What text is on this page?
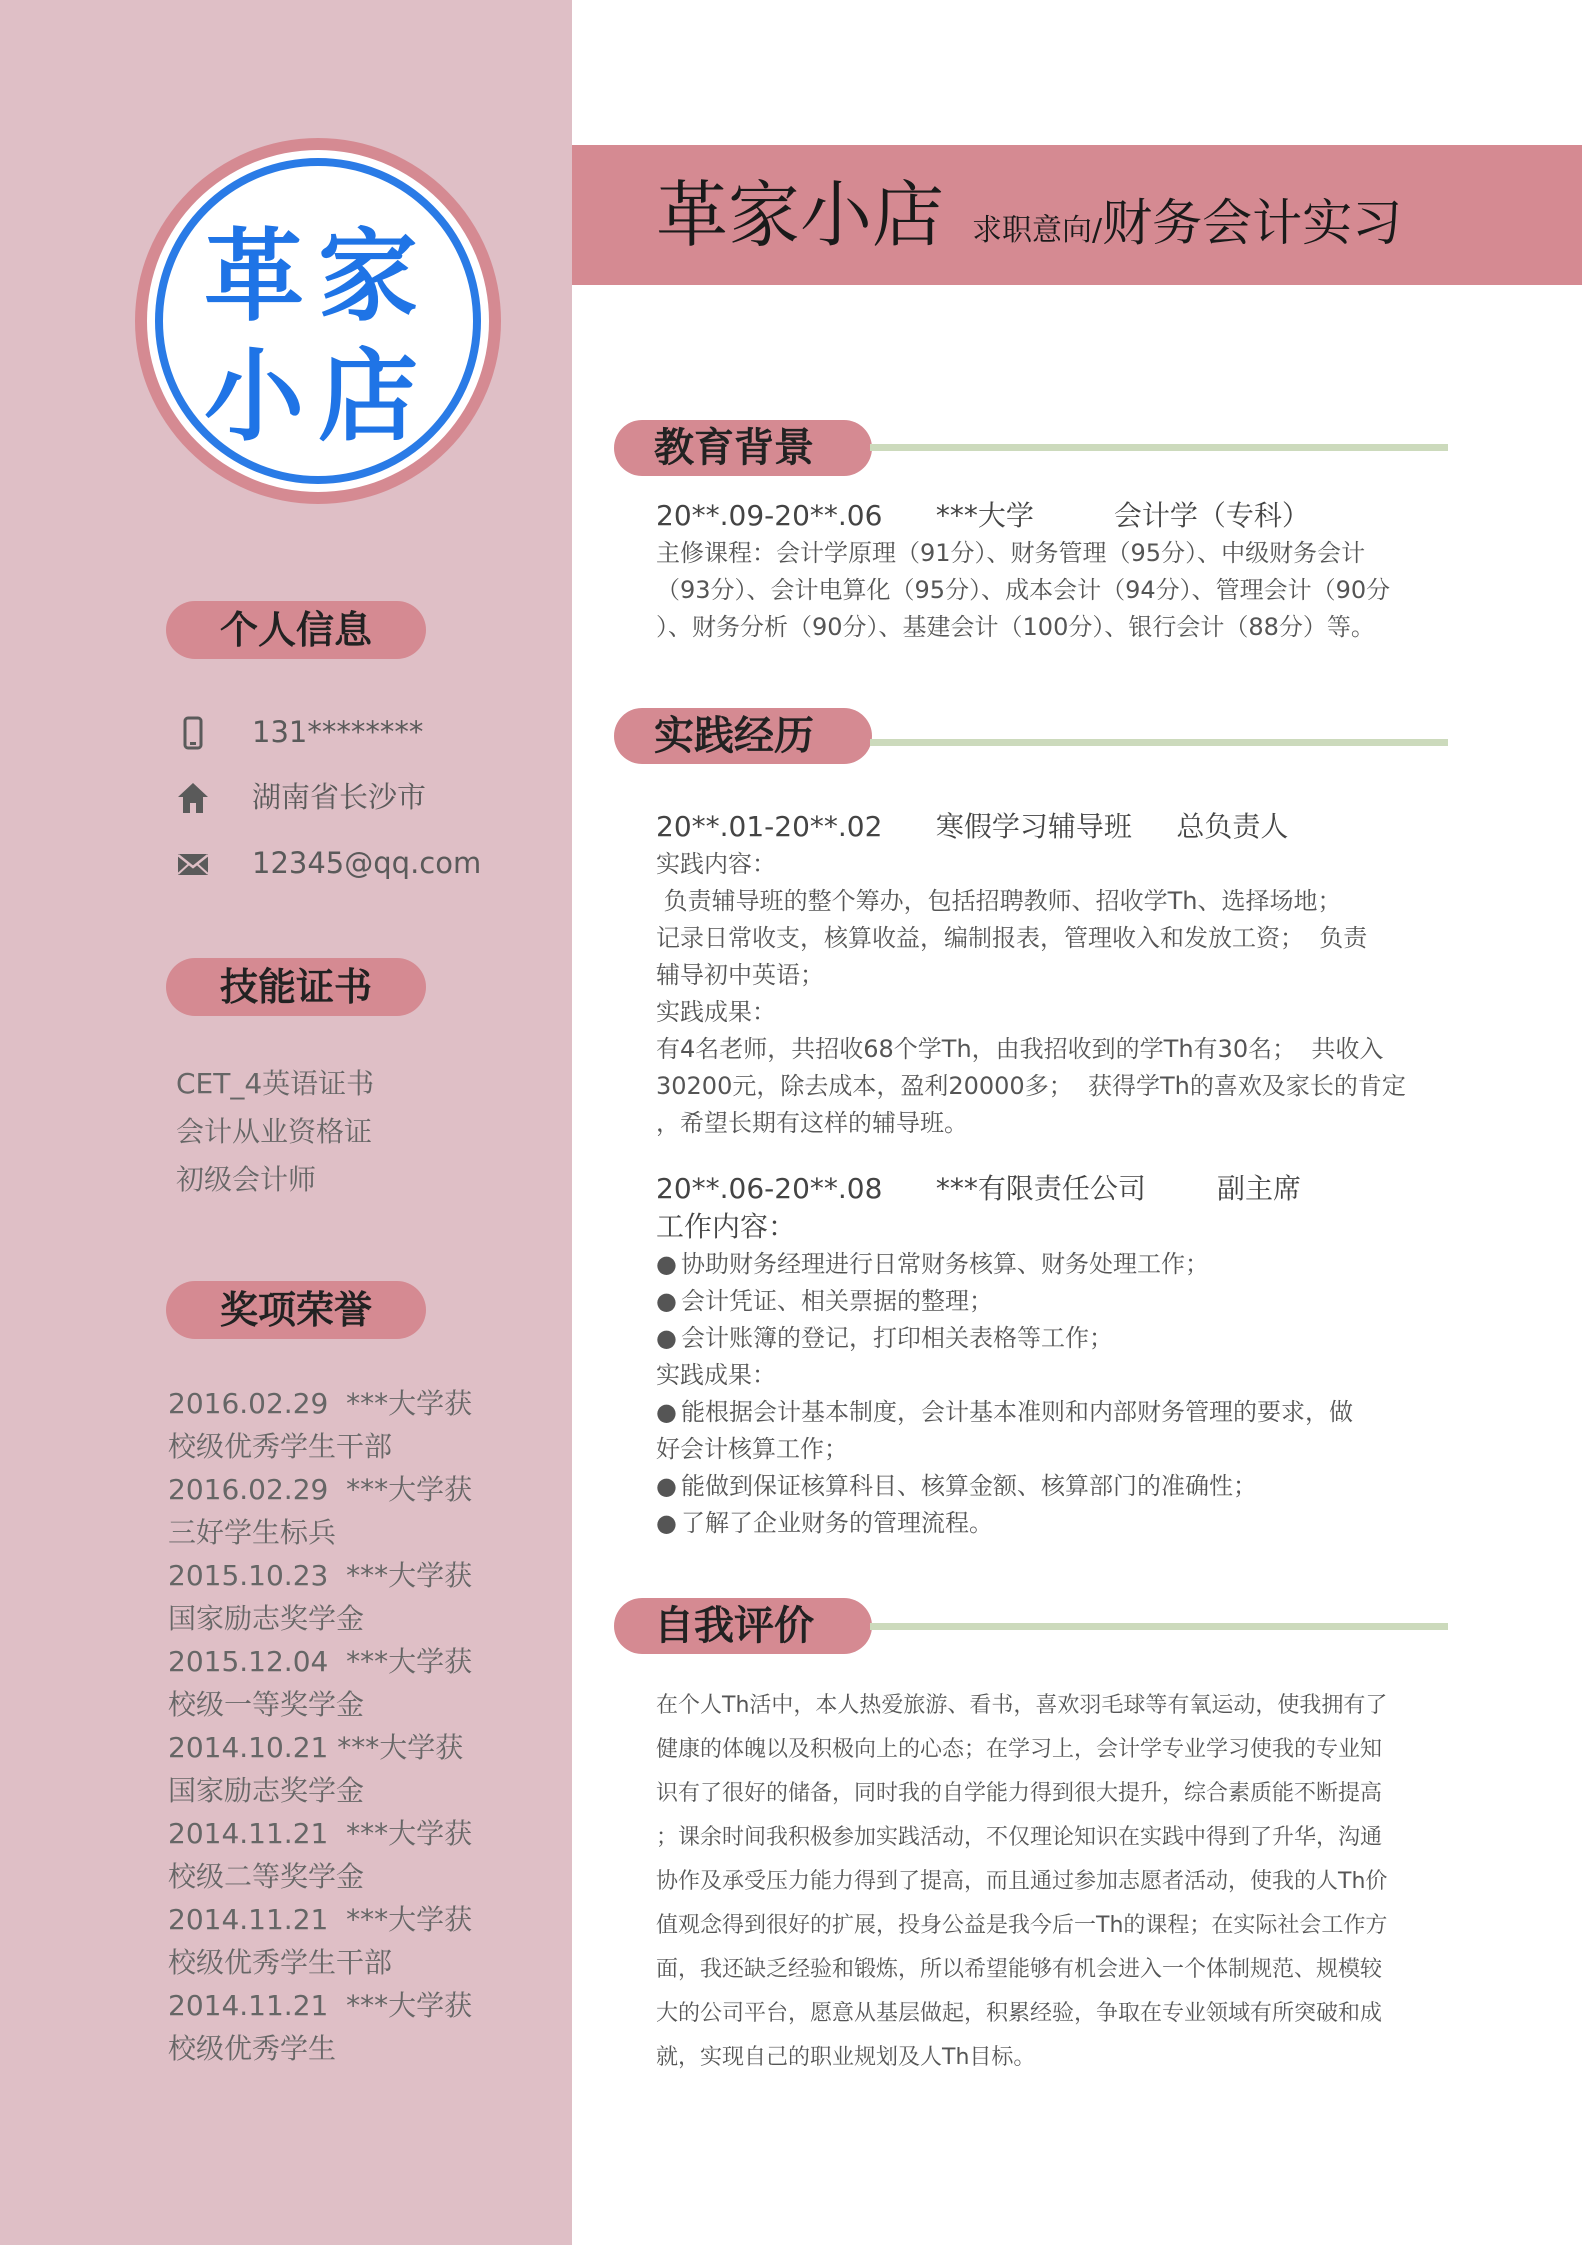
革家
小店
个人信息
131********
湖南省长沙市
12345@qq.com
技能证书
CET_4英语证书
会计从业资格证
初级会计师
奖项荣誉
2016.02.29  ***大学获
校级优秀学生干部
2016.02.29  ***大学获
三好学生标兵
2015.10.23  ***大学获
国家励志奖学金
2015.12.04  ***大学获
校级一等奖学金
2014.10.21 ***大学获
国家励志奖学金
2014.11.21  ***大学获
校级二等奖学金
2014.11.21  ***大学获
校级优秀学生干部
2014.11.21  ***大学获
校级优秀学生
革家小店 求职意向/财务会计实习
教育背景
20**.09-20**.06      ***大学         会计学（专科）
主修课程：会计学原理（91分）、财务管理（95分）、中级财务会计
（93分）、会计电算化（95分）、成本会计（94分）、管理会计（90分
）、财务分析（90分）、基建会计（100分）、银行会计（88分）等。
实践经历
20**.01-20**.02      寒假学习辅导班     总负责人
实践内容：
负责辅导班的整个筹办，包括招聘教师、招收学Th、选择场地；
记录日常收支，核算收益，编制报表，管理收入和发放工资；  负责
辅导初中英语；
实践成果：
有4名老师，共招收68个学Th，由我招收到的学Th有30名；  共收入
30200元，除去成本，盈利20000多；  获得学Th的喜欢及家长的肯定
，希望长期有这样的辅导班。
20**.06-20**.08      ***有限责任公司        副主席
工作内容：
● 协助财务经理进行日常财务核算、财务处理工作；
● 会计凭证、相关票据的整理；
● 会计账簿的登记，打印相关表格等工作；
实践成果：
● 能根据会计基本制度，会计基本准则和内部财务管理的要求，做
好会计核算工作；
● 能做到保证核算科目、核算金额、核算部门的准确性；
● 了解了企业财务的管理流程。
自我评价
在个人Th活中，本人热爱旅游、看书，喜欢羽毛球等有氧运动，使我拥有了
健康的体魄以及积极向上的心态；在学习上，会计学专业学习使我的专业知
识有了很好的储备，同时我的自学能力得到很大提升，综合素质能不断提高
；课余时间我积极参加实践活动，不仅理论知识在实践中得到了升华，沟通
协作及承受压力能力得到了提高，而且通过参加志愿者活动，使我的人Th价
值观念得到很好的扩展，投身公益是我今后一Th的课程；在实际社会工作方
面，我还缺乏经验和锻炼，所以希望能够有机会进入一个体制规范、规模较
大的公司平台，愿意从基层做起，积累经验，争取在专业领域有所突破和成
就，实现自己的职业规划及人Th目标。
